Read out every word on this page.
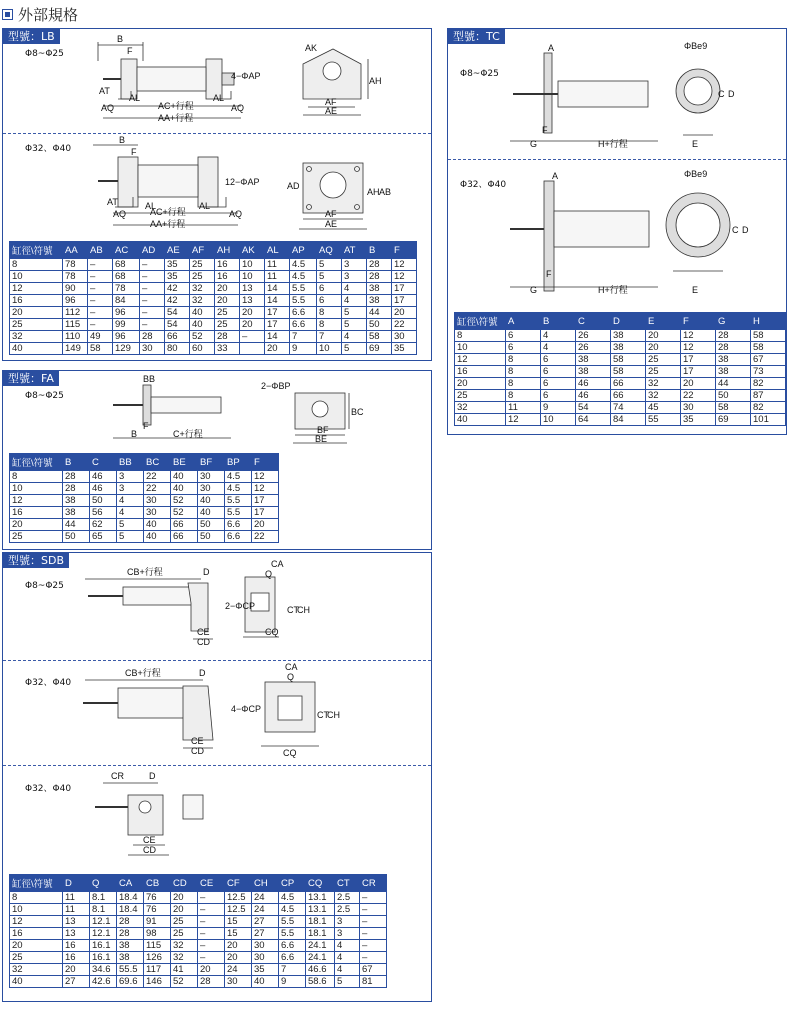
外部規格
型號：LB
Φ8~Φ25
B
F
AT
AQ
AL	AL
AQ
4−ΦAP
AC+行程
AA+行程
AK
AH
AF
AE
Φ32、Φ40
B
F
AT
AQ
AL	AL
AQ
12−ΦAP
AC+行程
AA+行程
AD
AH AB
AF
AE
缸徑\符號	AA	AB	AC	AD	AE	AF	AH	AK	AL	AP	AQ	AT	B	F
8	78	–	68	–	35	25	16	10	11	4.5	5	3	28	12
10	78	–	68	–	35	25	16	10	11	4.5	5	3	28	12
12	90	–	78	–	42	32	20	13	14	5.5	6	4	38	17
16	96	–	84	–	42	32	20	13	14	5.5	6	4	38	17
20	112	–	96	–	54	40	25	20	17	6.6	8	5	44	20
25	115	–	99	–	54	40	25	20	17	6.6	8	5	50	22
32	110	49	96	28	66	52	28	–	14	7	7	4	58	30
40	149	58	129	30	80	60	33		20	9	10	5	69	35
型號：FA
Φ8~Φ25
BB
B
F
C+行程
2−ΦBP
BC
BF
BE
缸徑\符號	B	C	BB	BC	BE	BF	BP	F
8	28	46	3	22	40	30	4.5	12
10	28	46	3	22	40	30	4.5	12
12	38	50	4	30	52	40	5.5	17
16	38	56	4	30	52	40	5.5	17
20	44	62	5	40	66	50	6.6	20
25	50	65	5	40	66	50	6.6	22
型號：SDB
Φ8~Φ25
CB+行程	D
CA
Q
2−ΦCP	CT
CH
CE
CD
CQ
Φ32、Φ40
CB+行程	D
CA
Q
4−ΦCP
CT
CH
CE
CD	CQ
Φ32、Φ40
CR	D
CE
CD
缸徑\符號	D	Q	CA	CB	CD	CE	CF	CH	CP	CQ	CT	CR
8	11	8.1	18.4	76	20	–	12.5	24	4.5	13.1	2.5	–
10	11	8.1	18.4	76	20	–	12.5	24	4.5	13.1	2.5	–
12	13	12.1	28	91	25	–	15	27	5.5	18.1	3	–
16	13	12.1	28	98	25	–	15	27	5.5	18.1	3	–
20	16	16.1	38	115	32	–	20	30	6.6	24.1	4	–
25	16	16.1	38	126	32	–	20	30	6.6	24.1	4	–
32	20	34.6	55.5	117	41	20	24	35	7	46.6	4	67
40	27	42.6	69.6	146	52	28	30	40	9	58.6	5	81
型號：TC
Φ8~Φ25
A	ΦBe9
C D
F
G	H+行程	E
Φ32、Φ40
A	ΦBe9
C D
F
G	H+行程	E
缸徑\符號	A	B	C	D	E	F	G	H
8	6	4	26	38	20	12	28	58
10	6	4	26	38	20	12	28	58
12	8	6	38	58	25	17	38	67
16	8	6	38	58	25	17	38	73
20	8	6	46	66	32	20	44	82
25	8	6	46	66	32	22	50	87
32	11	9	54	74	45	30	58	82
40	12	10	64	84	55	35	69	101
